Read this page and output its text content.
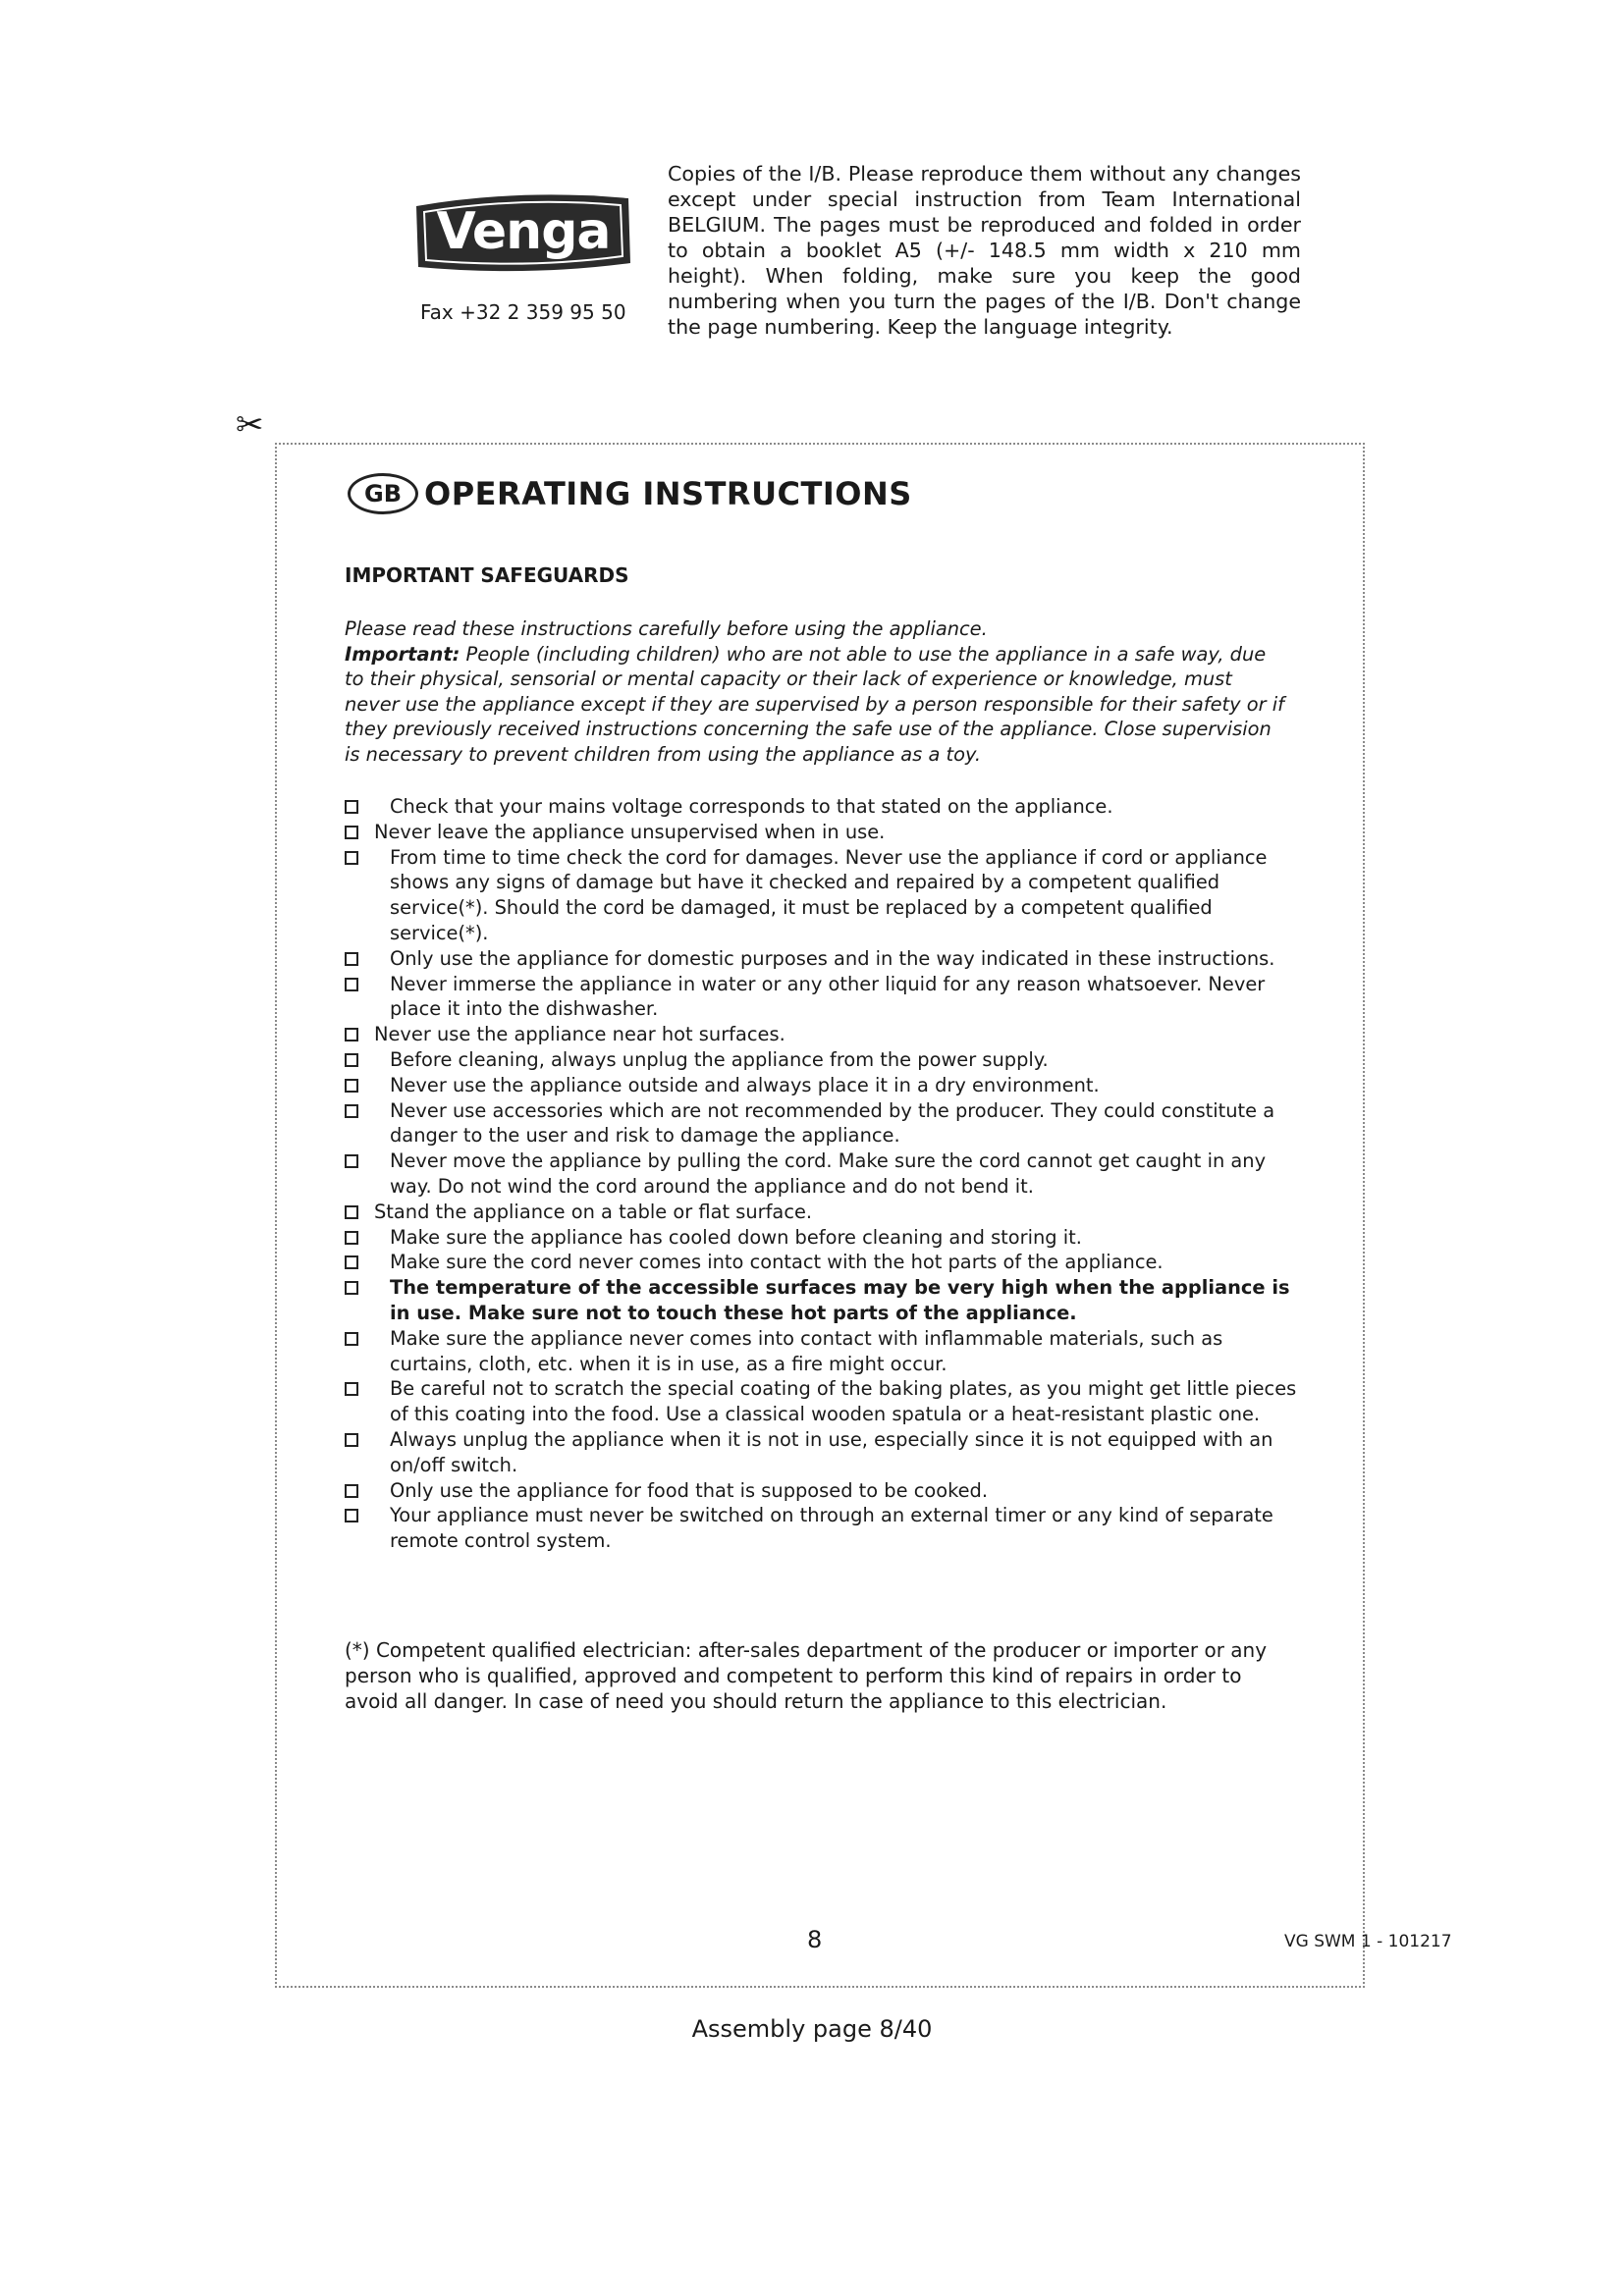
Venga
Fax +32 2 359 95 50
Copies of the I/B. Please reproduce them without any changes except under special instruction from Team International BELGIUM. The pages must be reproduced and folded in order to obtain a booklet A5 (+/- 148.5 mm width x 210 mm height). When folding, make sure you keep the good numbering when you turn the pages of the I/B. Don't change the page numbering. Keep the language integrity.
✂
GB OPERATING INSTRUCTIONS
IMPORTANT SAFEGUARDS

Please read these instructions carefully before using the appliance.

Important: People (including children) who are not able to use the appliance in a safe way, due to their physical, sensorial or mental capacity or their lack of experience or knowledge, must never use the appliance except if they are supervised by a person responsible for their safety or if they previously received instructions concerning the safe use of the appliance. Close supervision is necessary to prevent children from using the appliance as a toy.

Check that your mains voltage corresponds to that stated on the appliance.
Never leave the appliance unsupervised when in use.
From time to time check the cord for damages. Never use the appliance if cord or appliance shows any signs of damage but have it checked and repaired by a competent qualified service(*). Should the cord be damaged, it must be replaced by a competent qualified service(*).
Only use the appliance for domestic purposes and in the way indicated in these instructions.
Never immerse the appliance in water or any other liquid for any reason whatsoever. Never place it into the dishwasher.
Never use the appliance near hot surfaces.
Before cleaning, always unplug the appliance from the power supply.
Never use the appliance outside and always place it in a dry environment.
Never use accessories which are not recommended by the producer. They could constitute a danger to the user and risk to damage the appliance.
Never move the appliance by pulling the cord. Make sure the cord cannot get caught in any way. Do not wind the cord around the appliance and do not bend it.
Stand the appliance on a table or flat surface.
Make sure the appliance has cooled down before cleaning and storing it.
Make sure the cord never comes into contact with the hot parts of the appliance.
The temperature of the accessible surfaces may be very high when the appliance is in use. Make sure not to touch these hot parts of the appliance.
Make sure the appliance never comes into contact with inflammable materials, such as curtains, cloth, etc. when it is in use, as a fire might occur.
Be careful not to scratch the special coating of the baking plates, as you might get little pieces of this coating into the food. Use a classical wooden spatula or a heat-resistant plastic one.
Always unplug the appliance when it is not in use, especially since it is not equipped with an on/off switch.
Only use the appliance for food that is supposed to be cooked.
Your appliance must never be switched on through an external timer or any kind of separate remote control system.
(*) Competent qualified electrician: after-sales department of the producer or importer or any person who is qualified, approved and competent to perform this kind of repairs in order to avoid all danger. In case of need you should return the appliance to this electrician.
8	VG SWM 1 - 101217
Assembly page 8/40
